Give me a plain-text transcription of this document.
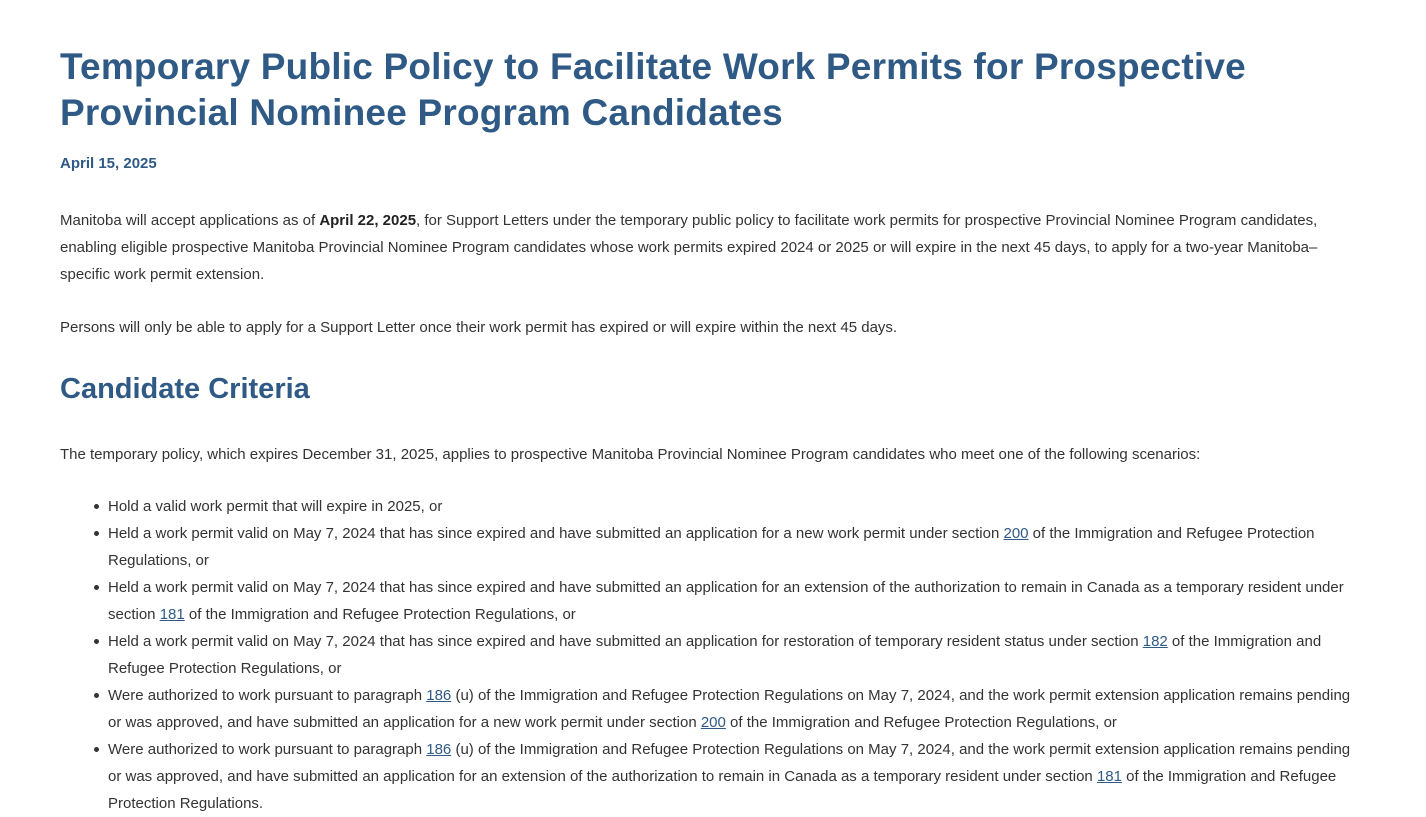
Temporary Public Policy to Facilitate Work Permits for Prospective Provincial Nominee Program Candidates
April 15, 2025

Manitoba will accept applications as of April 22, 2025, for Support Letters under the temporary public policy to facilitate work permits for prospective Provincial Nominee Program candidates, enabling eligible prospective Manitoba Provincial Nominee Program candidates whose work permits expired 2024 or 2025 or will expire in the next 45 days, to apply for a two-year Manitoba–specific work permit extension.

Persons will only be able to apply for a Support Letter once their work permit has expired or will expire within the next 45 days.

Candidate Criteria

The temporary policy, which expires December 31, 2025, applies to prospective Manitoba Provincial Nominee Program candidates who meet one of the following scenarios:

Hold a valid work permit that will expire in 2025, or
Held a work permit valid on May 7, 2024 that has since expired and have submitted an application for a new work permit under section 200 of the Immigration and Refugee Protection Regulations, or
Held a work permit valid on May 7, 2024 that has since expired and have submitted an application for an extension of the authorization to remain in Canada as a temporary resident under section 181 of the Immigration and Refugee Protection Regulations, or
Held a work permit valid on May 7, 2024 that has since expired and have submitted an application for restoration of temporary resident status under section 182 of the Immigration and Refugee Protection Regulations, or
Were authorized to work pursuant to paragraph 186 (u) of the Immigration and Refugee Protection Regulations on May 7, 2024, and the work permit extension application remains pending or was approved, and have submitted an application for a new work permit under section 200 of the Immigration and Refugee Protection Regulations, or
Were authorized to work pursuant to paragraph 186 (u) of the Immigration and Refugee Protection Regulations on May 7, 2024, and the work permit extension application remains pending or was approved, and have submitted an application for an extension of the authorization to remain in Canada as a temporary resident under section 181 of the Immigration and Refugee Protection Regulations.
